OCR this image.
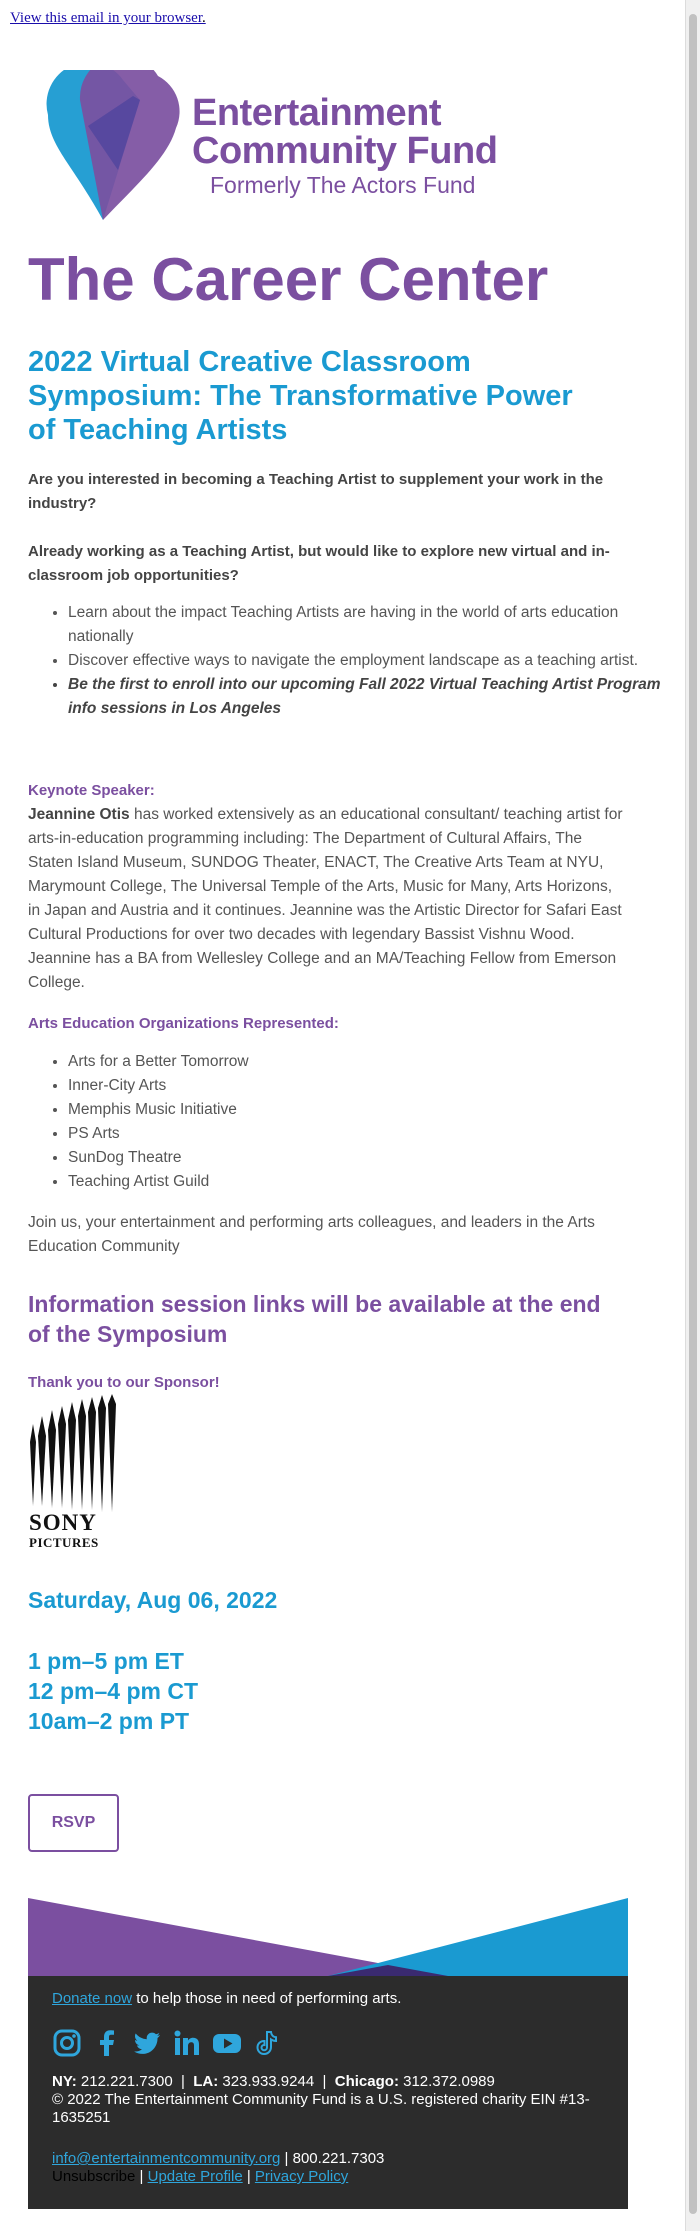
View this email in your browser.
Entertainment
Community Fund
Formerly The Actors Fund
The Career Center
2022 Virtual Creative Classroom Symposium: The Transformative Power of Teaching Artists

Are you interested in becoming a Teaching Artist to supplement your work in the industry?

Already working as a Teaching Artist, but would like to explore new virtual and in-classroom job opportunities?

• Learn about the impact Teaching Artists are having in the world of arts education nationally
• Discover effective ways to navigate the employment landscape as a teaching artist.
• Be the first to enroll into our upcoming Fall 2022 Virtual Teaching Artist Program info sessions in Los Angeles
Keynote Speaker:

Jeannine Otis has worked extensively as an educational consultant/ teaching artist for arts-in-education programming including: The Department of Cultural Affairs, The Staten Island Museum, SUNDOG Theater, ENACT, The Creative Arts Team at NYU, Marymount College, The Universal Temple of the Arts, Music for Many, Arts Horizons, in Japan and Austria and it continues. Jeannine was the Artistic Director for Safari East Cultural Productions for over two decades with legendary Bassist Vishnu Wood. Jeannine has a BA from Wellesley College and an MA/Teaching Fellow from Emerson College.

Arts Education Organizations Represented:
• Arts for a Better Tomorrow
• Inner-City Arts
• Memphis Music Initiative
• PS Arts
• SunDog Theatre
• Teaching Artist Guild

Join us, your entertainment and performing arts colleagues, and leaders in the Arts Education Community

Information session links will be available at the end of the Symposium
Thank you to our Sponsor!
SONY
PICTURES
Saturday, Aug 06, 2022
1 pm–5 pm ET
12 pm–4 pm CT
10am–2 pm PT
RSVP
Donate now to help those in need of performing arts.

NY: 212.221.7300  |  LA: 323.933.9244  |  Chicago: 312.372.0989
© 2022 The Entertainment Community Fund is a U.S. registered charity EIN #13-1635251

info@entertainmentcommunity.org | 800.221.7303
Unsubscribe | Update Profile | Privacy Policy
